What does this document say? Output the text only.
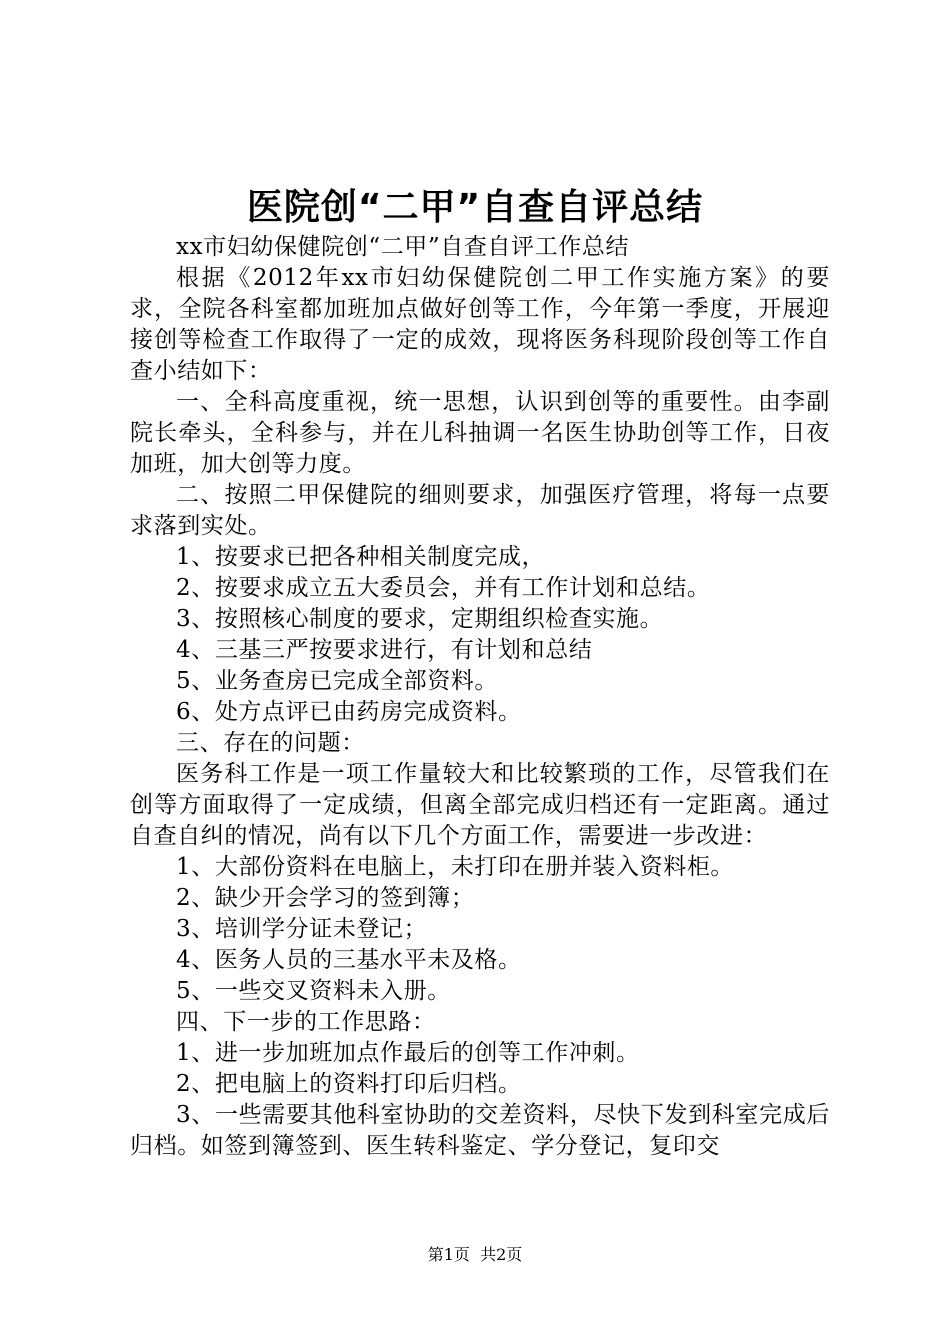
医院创“二甲”自查自评总结

xx市妇幼保健院创“二甲”自查自评工作总结

根据《2012年xx市妇幼保健院创二甲工作实施方案》的要求，全院各科室都加班加点做好创等工作，今年第一季度，开展迎接创等检查工作取得了一定的成效，现将医务科现阶段创等工作自查小结如下：

一、全科高度重视，统一思想，认识到创等的重要性。由李副院长牵头，全科参与，并在儿科抽调一名医生协助创等工作，日夜加班，加大创等力度。

二、按照二甲保健院的细则要求，加强医疗管理，将每一点要求落到实处。

1、按要求已把各种相关制度完成，

2、按要求成立五大委员会，并有工作计划和总结。

3、按照核心制度的要求，定期组织检查实施。

4、三基三严按要求进行，有计划和总结

5、业务查房已完成全部资料。

6、处方点评已由药房完成资料。

三、存在的问题：

医务科工作是一项工作量较大和比较繁琐的工作，尽管我们在创等方面取得了一定成绩，但离全部完成归档还有一定距离。通过自查自纠的情况，尚有以下几个方面工作，需要进一步改进：

1、大部份资料在电脑上，未打印在册并装入资料柜。

2、缺少开会学习的签到簿；

3、培训学分证未登记；

4、医务人员的三基水平未及格。

5、一些交叉资料未入册。

四、下一步的工作思路：

1、进一步加班加点作最后的创等工作冲刺。

2、把电脑上的资料打印后归档。

3、一些需要其他科室协助的交差资料，尽快下发到科室完成后归档。如签到簿签到、医生转科鉴定、学分登记，复印交

第1页 共2页
